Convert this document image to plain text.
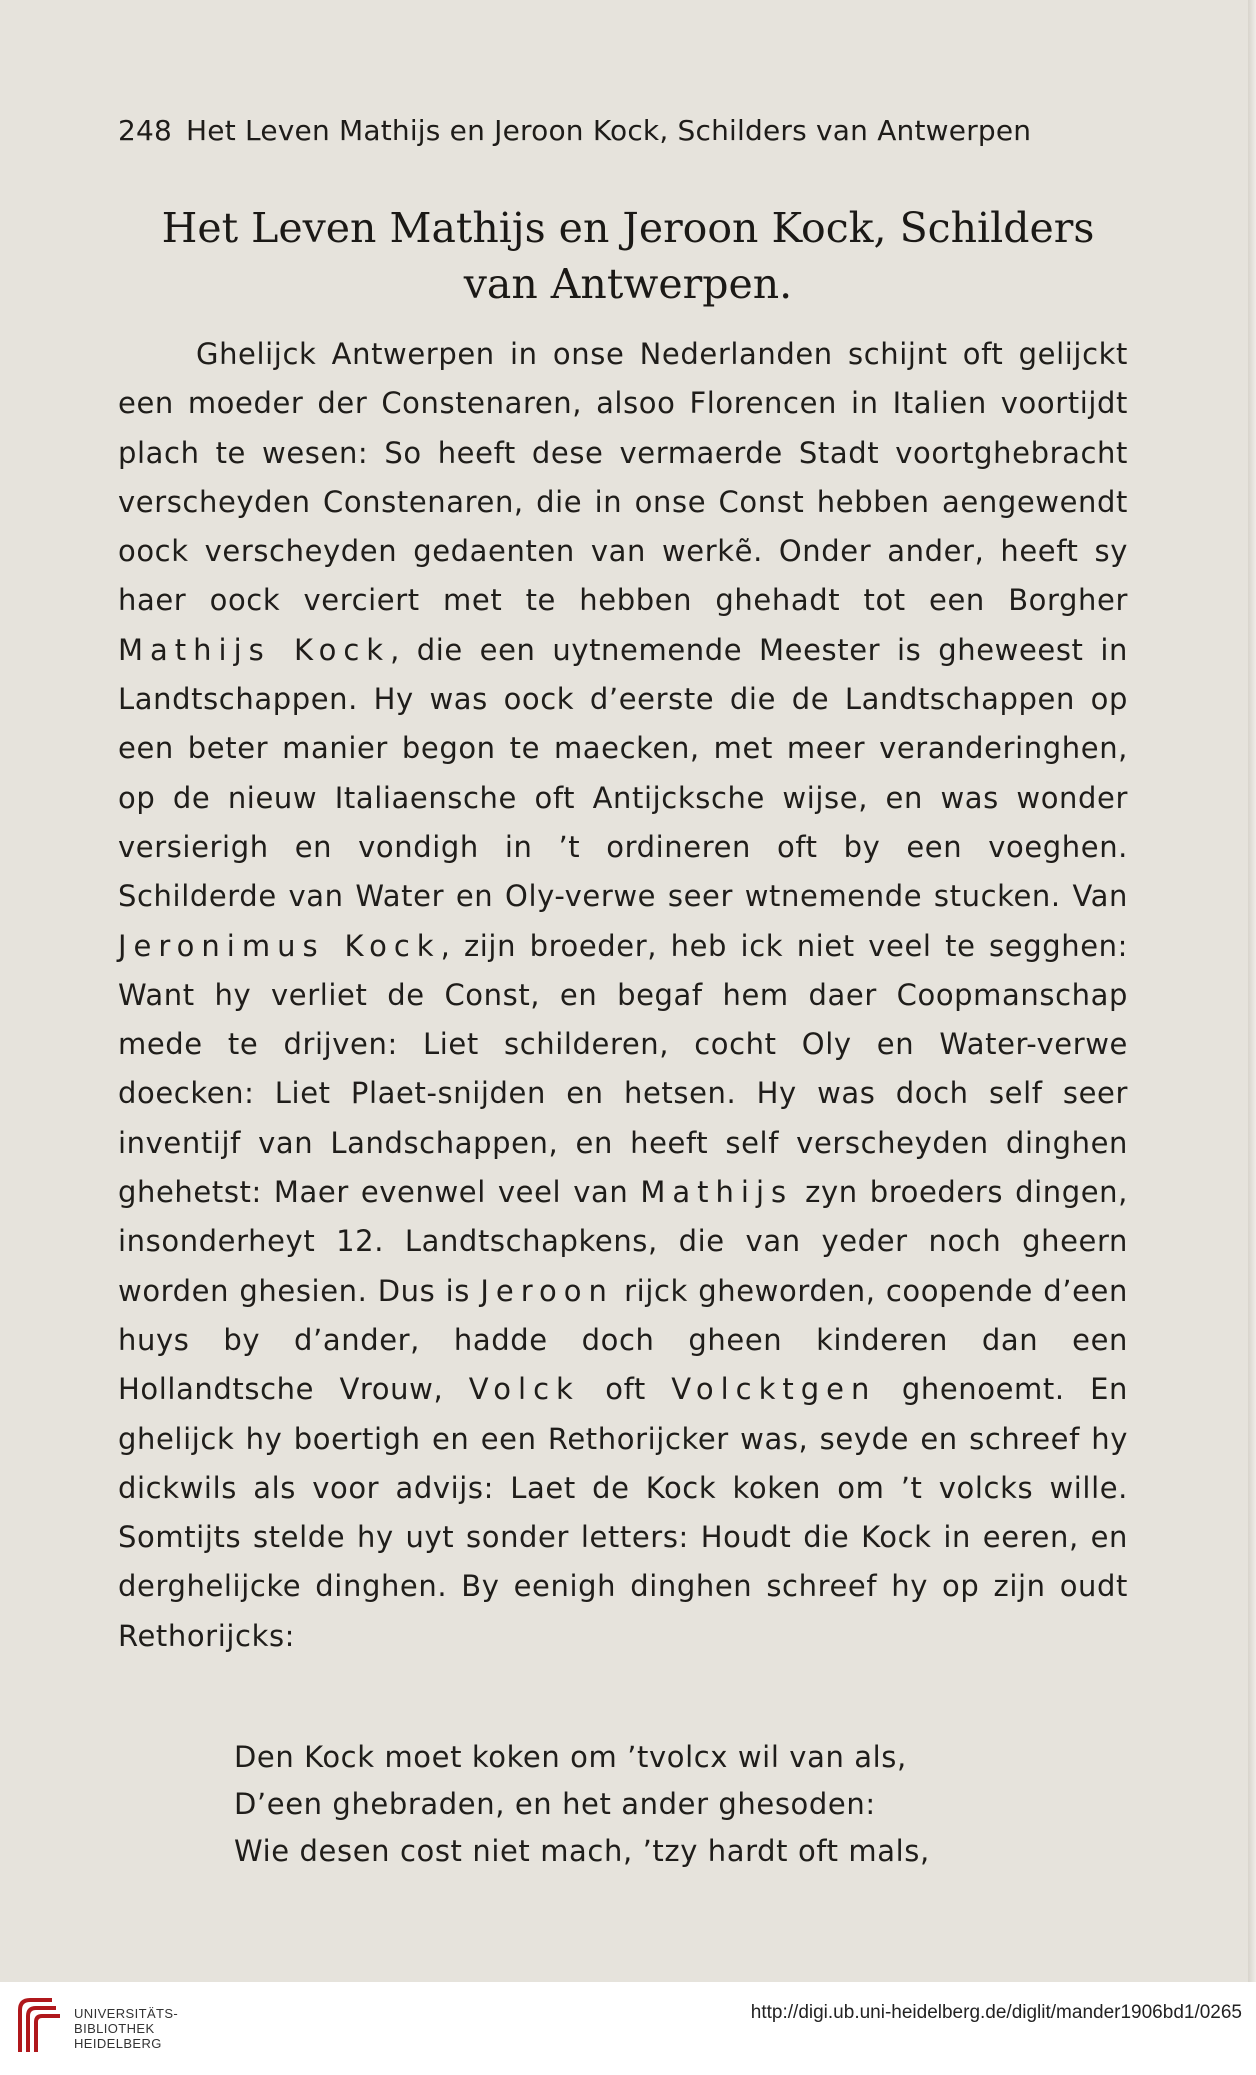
248 Het Leven Mathijs en Jeroon Kock, Schilders van Antwerpen
Het Leven Mathijs en Jeroon Kock, Schilders
van Antwerpen.

Ghelijck Antwerpen in onse Nederlanden schijnt oft gelijckt een moeder der Constenaren, alsoo Florencen in Italien voortijdt plach te wesen: So heeft dese vermaerde Stadt voortghebracht verscheyden Constenaren, die in onse Const hebben aengewendt oock verscheyden gedaenten van werkẽ. Onder ander, heeft sy haer oock verciert met te hebben ghehadt tot een Borgher Mathijs Kock, die een uytnemende Meester is gheweest in Landtschappen. Hy was oock d’eerste die de Landtschappen op een beter manier begon te maecken, met meer veranderinghen, op de nieuw Italiaensche oft Antijcksche wijse, en was wonder versierigh en vondigh in ’t ordineren oft by een voeghen. Schilderde van Water en Oly-verwe seer wtnemende stucken. Van Jeronimus Kock, zijn broeder, heb ick niet veel te segghen: Want hy verliet de Const, en begaf hem daer Coopmanschap mede te drijven: Liet schilderen, cocht Oly en Water-verwe doecken: Liet Plaet-snijden en hetsen. Hy was doch self seer inventijf van Landschappen, en heeft self verscheyden dinghen ghehetst: Maer evenwel veel van Mathijs zyn broeders dingen, insonderheyt 12. Landtschapkens, die van yeder noch gheern worden ghesien. Dus is Jeroon rijck gheworden, coopende d’een huys by d’ander, hadde doch gheen kinderen dan een Hollandtsche Vrouw, Volck oft Volcktgen ghenoemt. En ghelijck hy boertigh en een Rethorijcker was, seyde en schreef hy dickwils als voor advijs: Laet de Kock koken om ’t volcks wille. Somtijts stelde hy uyt sonder letters: Houdt die Kock in eeren, en derghelijcke dinghen. By eenigh dinghen schreef hy op zijn oudt Rethorijcks:

Den Kock moet koken om ’tvolcx wil van als,
D’een ghebraden, en het ander ghesoden:
Wie desen cost niet mach, ’tzy hardt oft mals,
UNIVERSITÄTS-
BIBLIOTHEK
HEIDELBERG
http://digi.ub.uni-heidelberg.de/diglit/mander1906bd1/0265
